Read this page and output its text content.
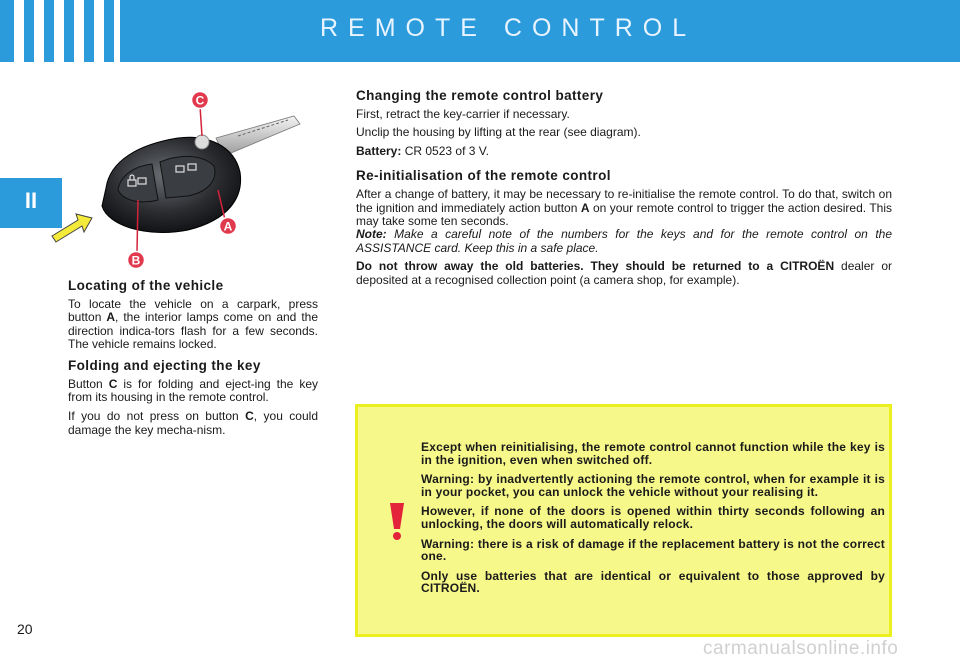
REMOTE CONTROL
II
C
A
B
Locating of the vehicle

To locate the vehicle on a carpark, press button A, the interior lamps come on and the direction indica-tors flash for a few seconds. The vehicle remains locked.

Folding and ejecting the key

Button C is for folding and eject-ing the key from its housing in the remote control.

If you do not press on button C, you could damage the key mecha-nism.

Changing the remote control battery

First, retract the key-carrier if necessary.

Unclip the housing by lifting at the rear (see diagram).

Battery: CR 0523 of 3 V.

Re-initialisation of the remote control

After a change of battery, it may be necessary to re-initialise the remote control. To do that, switch on the ignition and immediately action button A on your remote control to trigger the action desired. This may take some ten seconds.

Note: Make a careful note of the numbers for the keys and for the remote control on the ASSISTANCE card. Keep this in a safe place.

Do not throw away the old batteries. They should be returned to a CITROËN dealer or deposited at a recognised collection point (a camera shop, for example).

Except when reinitialising, the remote control cannot function while the key is in the ignition, even when switched off.

Warning: by inadvertently actioning the remote control, when for example it is in your pocket, you can unlock the vehicle without your realising it.

However, if none of the doors is opened within thirty seconds following an unlocking, the doors will automatically relock.

Warning: there is a risk of damage if the replacement battery is not the correct one.

Only use batteries that are identical or equivalent to those approved by CITROËN.

20
carmanualsonline.info
